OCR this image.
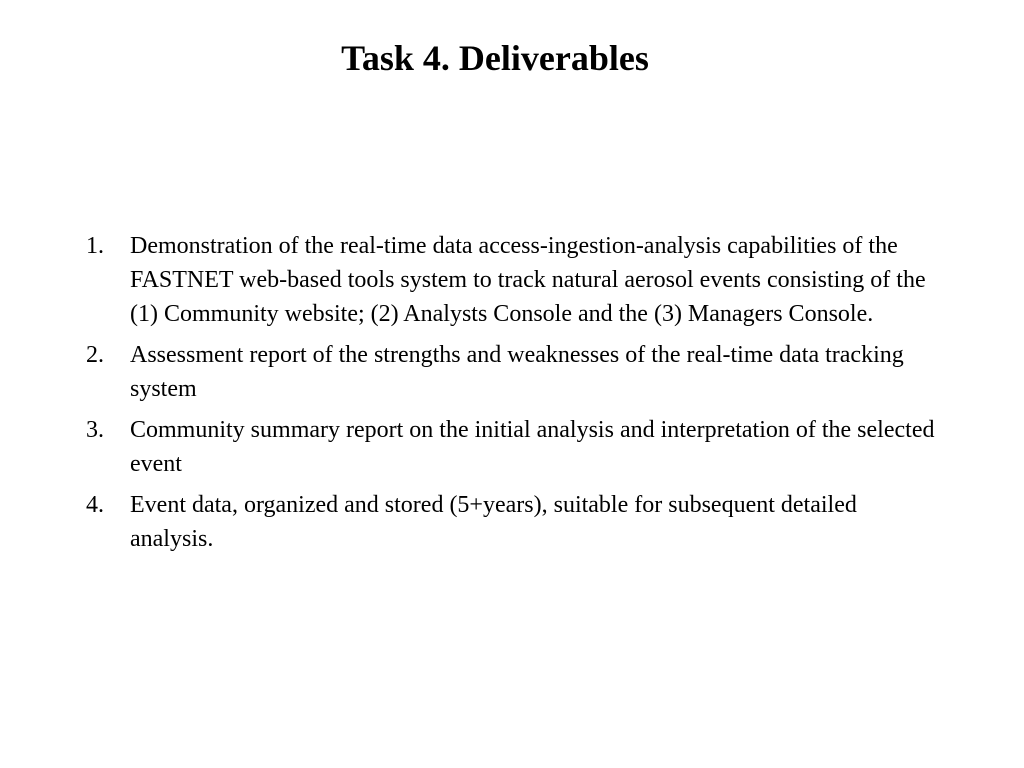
Task 4. Deliverables
1.	Demonstration of the real-time data access-ingestion-analysis capabilities of the FASTNET web-based tools system to track natural aerosol events consisting of the (1) Community website; (2) Analysts Console and the (3) Managers Console.
2.	Assessment report of the strengths and weaknesses of the real-time data tracking system
3.	Community summary report on the initial analysis and interpretation of the selected event
4.	Event data, organized and stored (5+years), suitable for subsequent detailed analysis.
